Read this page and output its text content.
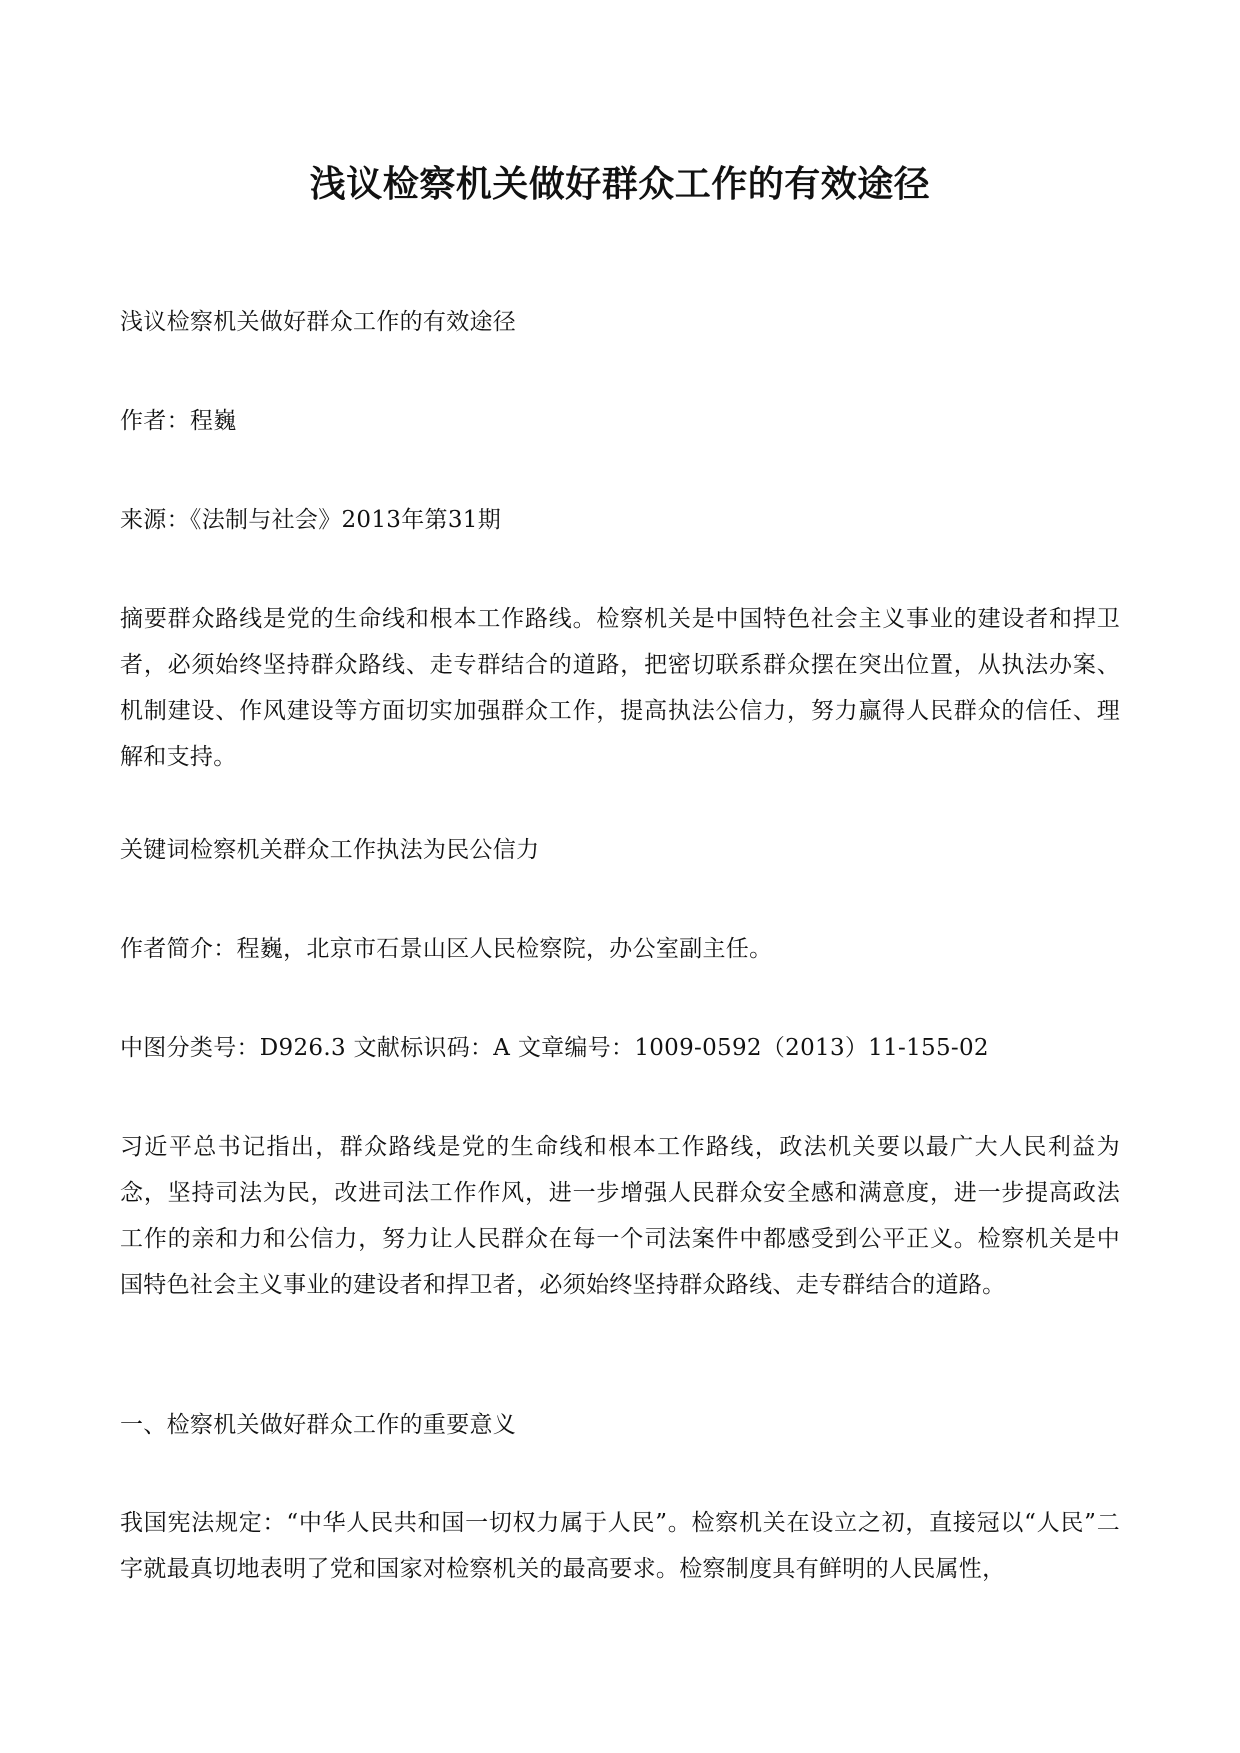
浅议检察机关做好群众工作的有效途径

浅议检察机关做好群众工作的有效途径

作者：程巍

来源：《法制与社会》2013年第31期

摘要群众路线是党的生命线和根本工作路线。检察机关是中国特色社会主义事业的建设者和捍卫者，必须始终坚持群众路线、走专群结合的道路，把密切联系群众摆在突出位置，从执法办案、机制建设、作风建设等方面切实加强群众工作，提高执法公信力，努力赢得人民群众的信任、理解和支持。

关键词检察机关群众工作执法为民公信力

作者简介：程巍，北京市石景山区人民检察院，办公室副主任。

中图分类号：D926.3 文献标识码：A 文章编号：1009-0592（2013）11-155-02

习近平总书记指出，群众路线是党的生命线和根本工作路线，政法机关要以最广大人民利益为念，坚持司法为民，改进司法工作作风，进一步增强人民群众安全感和满意度，进一步提高政法工作的亲和力和公信力，努力让人民群众在每一个司法案件中都感受到公平正义。检察机关是中国特色社会主义事业的建设者和捍卫者，必须始终坚持群众路线、走专群结合的道路。

一、检察机关做好群众工作的重要意义

我国宪法规定：“中华人民共和国一切权力属于人民”。检察机关在设立之初，直接冠以“人民”二字就最真切地表明了党和国家对检察机关的最高要求。检察制度具有鲜明的人民属性，
